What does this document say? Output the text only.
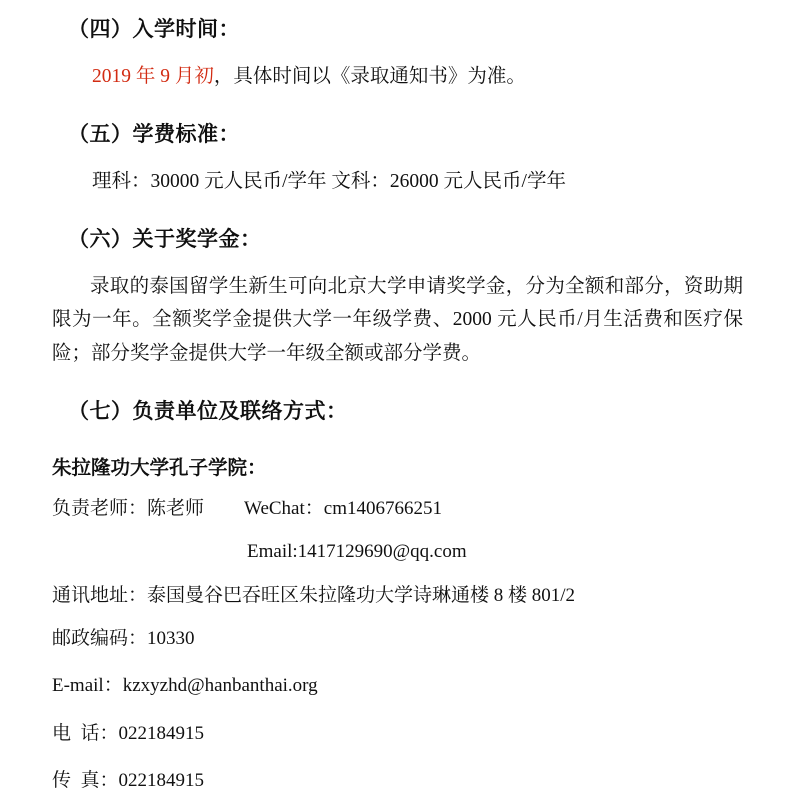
（四）入学时间：

2019 年 9 月初，具体时间以《录取通知书》为准。

（五）学费标准：

理科：30000 元人民币/学年 文科：26000 元人民币/学年

（六）关于奖学金：

录取的泰国留学生新生可向北京大学申请奖学金，分为全额和部分，资助期限为一年。全额奖学金提供大学一年级学费、2000 元人民币/月生活费和医疗保险；部分奖学金提供大学一年级全额或部分学费。

（七）负责单位及联络方式：
朱拉隆功大学孔子学院：
负责老师：陈老师 WeChat：cm1406766251
Email:1417129690@qq.com
通讯地址：泰国曼谷巴吞旺区朱拉隆功大学诗琳通楼 8 楼 801/2
邮政编码：10330
E-mail：kzxyzhd@hanbanthai.org
电  话：022184915
传  真：022184915
